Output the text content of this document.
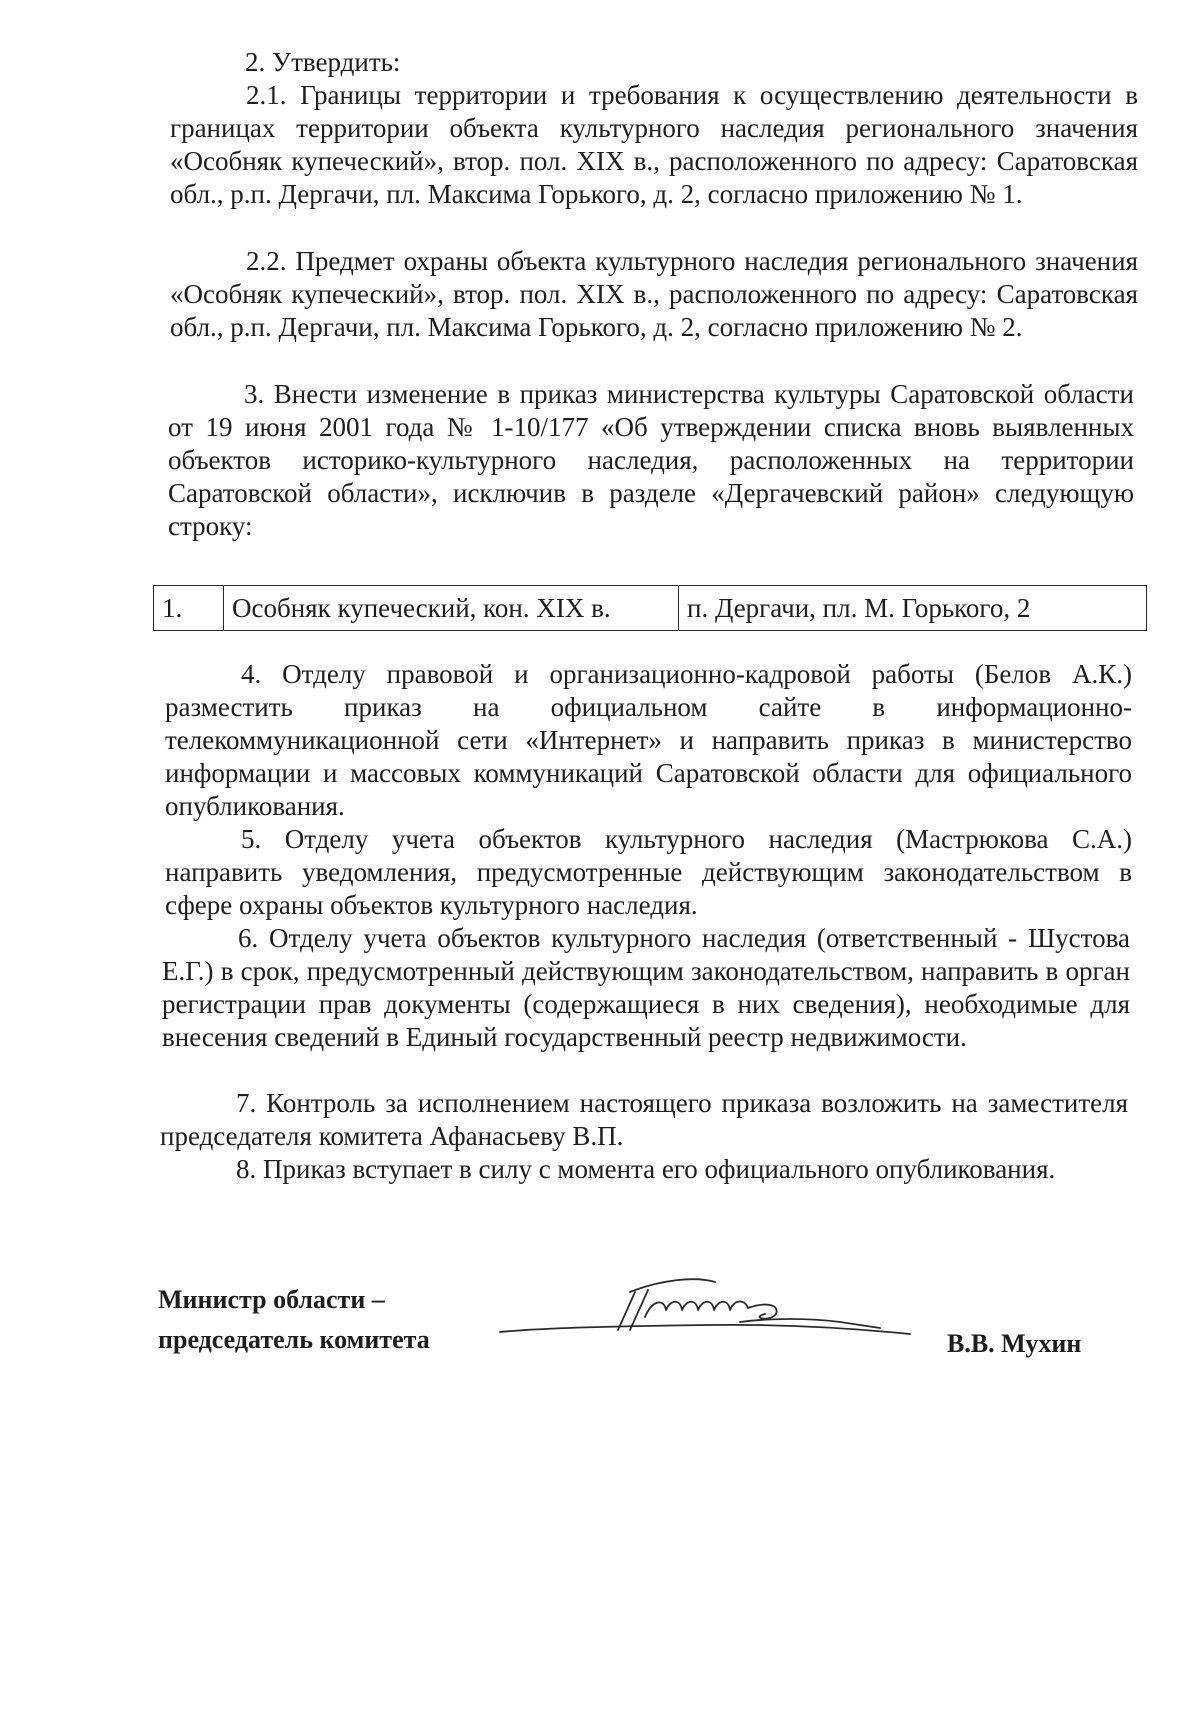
2. Утвердить:

2.1. Границы территории и требования к осуществлению деятельности в границах территории объекта культурного наследия регионального значения «Особняк купеческий», втор. пол. XIX в., расположенного по адресу: Саратовская обл., р.п. Дергачи, пл. Максима Горького, д. 2, согласно приложению № 1.

2.2. Предмет охраны объекта культурного наследия регионального значения «Особняк купеческий», втор. пол. XIX в., расположенного по адресу: Саратовская обл., р.п. Дергачи, пл. Максима Горького, д. 2, согласно приложению № 2.

3. Внести изменение в приказ министерства культуры Саратовской области от 19 июня 2001 года № 1-10/177 «Об утверждении списка вновь выявленных объектов историко-культурного наследия, расположенных на территории Саратовской области», исключив в разделе «Дергачевский район» следующую строку:

1.	Особняк купеческий, кон. XIX в.	п. Дергачи, пл. М. Горького, 2

4. Отделу правовой и организационно-кадровой работы (Белов А.К.) разместить приказ на официальном сайте в информационно-телекоммуникационной сети «Интернет» и направить приказ в министерство информации и массовых коммуникаций Саратовской области для официального опубликования.

5. Отделу учета объектов культурного наследия (Мастрюкова С.А.) направить уведомления, предусмотренные действующим законодательством в сфере охраны объектов культурного наследия.

6. Отделу учета объектов культурного наследия (ответственный - Шустова Е.Г.) в срок, предусмотренный действующим законодательством, направить в орган регистрации прав документы (содержащиеся в них сведения), необходимые для внесения сведений в Единый государственный реестр недвижимости.

7. Контроль за исполнением настоящего приказа возложить на заместителя председателя комитета Афанасьеву В.П.

8. Приказ вступает в силу с момента его официального опубликования.

Министр области –
председатель комитета	В.В. Мухин
